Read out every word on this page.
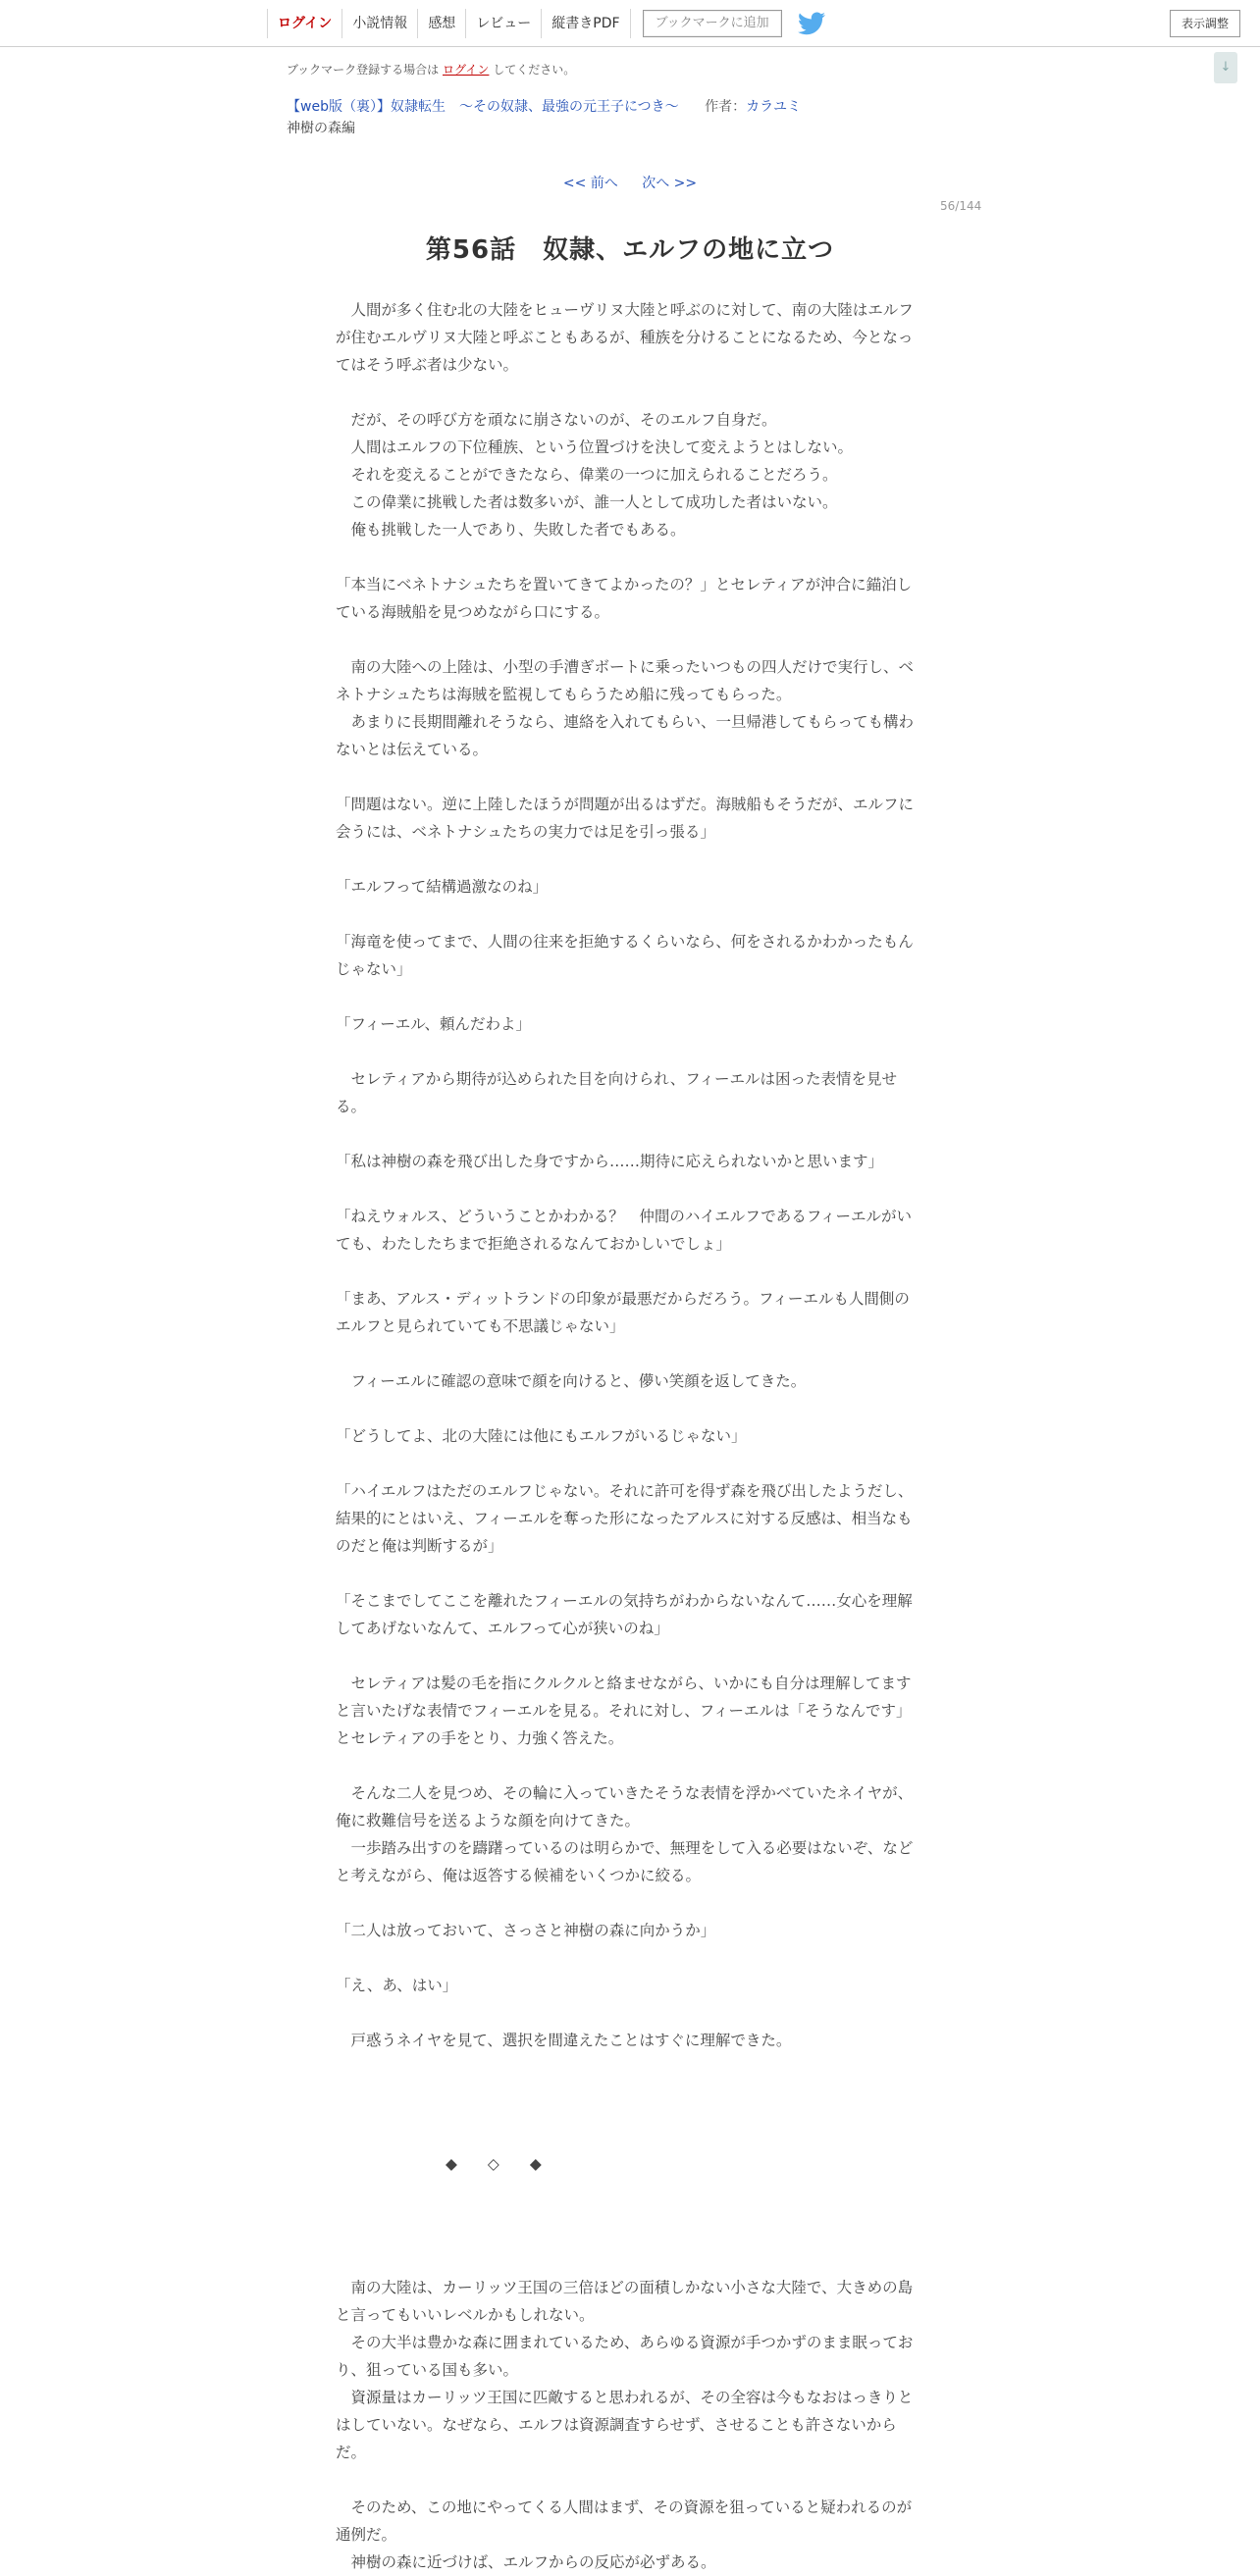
ログイン	小説情報	感想	レビュー	縦書きPDF	ブックマークに追加	表示調整
↓
ブックマーク登録する場合は ログイン してください。
【web版（裏）】奴隷転生　～その奴隷、最強の元王子につき～ 作者：カラユミ
神樹の森編
<< 前へ 次へ >>
56/144
第56話　奴隷、エルフの地に立つ

　人間が多く住む北の大陸をヒューヴリヌ大陸と呼ぶのに対して、南の大陸はエルフが住むエルヴリヌ大陸と呼ぶこともあるが、種族を分けることになるため、今となってはそう呼ぶ者は少ない。

　だが、その呼び方を頑なに崩さないのが、そのエルフ自身だ。

　人間はエルフの下位種族、という位置づけを決して変えようとはしない。

　それを変えることができたなら、偉業の一つに加えられることだろう。

　この偉業に挑戦した者は数多いが、誰一人として成功した者はいない。

　俺も挑戦した一人であり、失敗した者でもある。

「本当にベネトナシュたちを置いてきてよかったの？」とセレティアが沖合に錨泊している海賊船を見つめながら口にする。

　南の大陸への上陸は、小型の手漕ぎボートに乗ったいつもの四人だけで実行し、ベネトナシュたちは海賊を監視してもらうため船に残ってもらった。

　あまりに長期間離れそうなら、連絡を入れてもらい、一旦帰港してもらっても構わないとは伝えている。

「問題はない。逆に上陸したほうが問題が出るはずだ。海賊船もそうだが、エルフに会うには、ベネトナシュたちの実力では足を引っ張る」

「エルフって結構過激なのね」

「海竜を使ってまで、人間の往来を拒絶するくらいなら、何をされるかわかったもんじゃない」

「フィーエル、頼んだわよ」

　セレティアから期待が込められた目を向けられ、フィーエルは困った表情を見せる。

「私は神樹の森を飛び出した身ですから……期待に応えられないかと思います」

「ねえウォルス、どういうことかわかる？　仲間のハイエルフであるフィーエルがいても、わたしたちまで拒絶されるなんておかしいでしょ」

「まあ、アルス・ディットランドの印象が最悪だからだろう。フィーエルも人間側のエルフと見られていても不思議じゃない」

　フィーエルに確認の意味で顔を向けると、儚い笑顔を返してきた。

「どうしてよ、北の大陸には他にもエルフがいるじゃない」

「ハイエルフはただのエルフじゃない。それに許可を得ず森を飛び出したようだし、結果的にとはいえ、フィーエルを奪った形になったアルスに対する反感は、相当なものだと俺は判断するが」

「そこまでしてここを離れたフィーエルの気持ちがわからないなんて……女心を理解してあげないなんて、エルフって心が狭いのね」

　セレティアは髪の毛を指にクルクルと絡ませながら、いかにも自分は理解してますと言いたげな表情でフィーエルを見る。それに対し、フィーエルは「そうなんです」とセレティアの手をとり、力強く答えた。

　そんな二人を見つめ、その輪に入っていきたそうな表情を浮かべていたネイヤが、俺に救難信号を送るような顔を向けてきた。

　一歩踏み出すのを躊躇っているのは明らかで、無理をして入る必要はないぞ、などと考えながら、俺は返答する候補をいくつかに絞る。

「二人は放っておいて、さっさと神樹の森に向かうか」

「え、あ、はい」

　戸惑うネイヤを見て、選択を間違えたことはすぐに理解できた。

◆　　◇　　◆

　南の大陸は、カーリッツ王国の三倍ほどの面積しかない小さな大陸で、大きめの島と言ってもいいレベルかもしれない。

　その大半は豊かな森に囲まれているため、あらゆる資源が手つかずのまま眠っており、狙っている国も多い。

　資源量はカーリッツ王国に匹敵すると思われるが、その全容は今もなおはっきりとはしていない。なぜなら、エルフは資源調査すらせず、させることも許さないからだ。

　そのため、この地にやってくる人間はまず、その資源を狙っていると疑われるのが通例だ。

　神樹の森に近づけば、エルフからの反応が必ずある。
